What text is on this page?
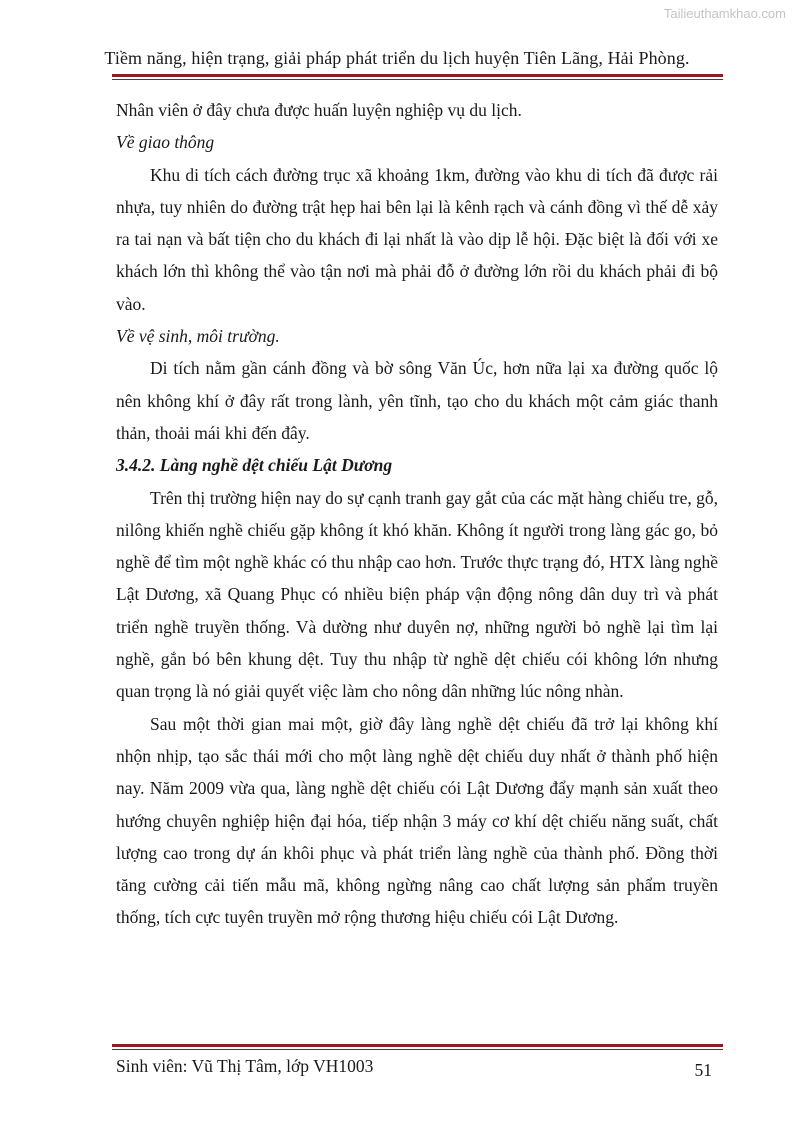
Tailieuthamkhao.com
Tiềm năng, hiện trạng, giải pháp phát triển du lịch huyện Tiên Lãng, Hải Phòng.

Nhân viên ở đây chưa được huấn luyện nghiệp vụ du lịch.

Về giao thông

Khu di tích cách đường trục xã khoảng 1km, đường vào khu di tích đã được rải nhựa, tuy nhiên do đường trật hẹp hai bên lại là kênh rạch và cánh đồng vì thế dễ xảy ra tai nạn và bất tiện cho du khách đi lại nhất là vào dịp lễ hội. Đặc biệt là đối với xe khách lớn thì không thể vào tận nơi mà phải đỗ ở đường lớn rồi du khách phải đi bộ vào.

Về vệ sinh, môi trường.

Di tích nằm gần cánh đồng và bờ sông Văn Úc, hơn nữa lại xa đường quốc lộ nên không khí ở đây rất trong lành, yên tĩnh, tạo cho du khách một cảm giác thanh thản, thoải mái khi đến đây.

3.4.2. Làng nghề dệt chiếu Lật Dương

Trên thị trường hiện nay do sự cạnh tranh gay gắt của các mặt hàng chiếu tre, gỗ, nilông khiến nghề chiếu gặp không ít khó khăn. Không ít người trong làng gác go, bỏ nghề để tìm một nghề khác có thu nhập cao hơn. Trước thực trạng đó, HTX làng nghề Lật Dương, xã Quang Phục có nhiều biện pháp vận động nông dân duy trì và phát triển nghề truyền thống. Và dường như duyên nợ, những người bỏ nghề lại tìm lại nghề, gắn bó bên khung dệt. Tuy thu nhập từ nghề dệt chiếu cói không lớn nhưng quan trọng là nó giải quyết việc làm cho nông dân những lúc nông nhàn.

Sau một thời gian mai một, giờ đây làng nghề dệt chiếu đã trở lại không khí nhộn nhịp, tạo sắc thái mới cho một làng nghề dệt chiếu duy nhất ở thành phố hiện nay. Năm 2009 vừa qua, làng nghề dệt chiếu cói Lật Dương đẩy mạnh sản xuất theo hướng chuyên nghiệp hiện đại hóa, tiếp nhận 3 máy cơ khí dệt chiếu năng suất, chất lượng cao trong dự án khôi phục và phát triển làng nghề của thành phố. Đồng thời tăng cường cải tiến mẫu mã, không ngừng nâng cao chất lượng sản phẩm truyền thống, tích cực tuyên truyền mở rộng thương hiệu chiếu cói Lật Dương.

Sinh viên: Vũ Thị Tâm, lớp VH1003	51
